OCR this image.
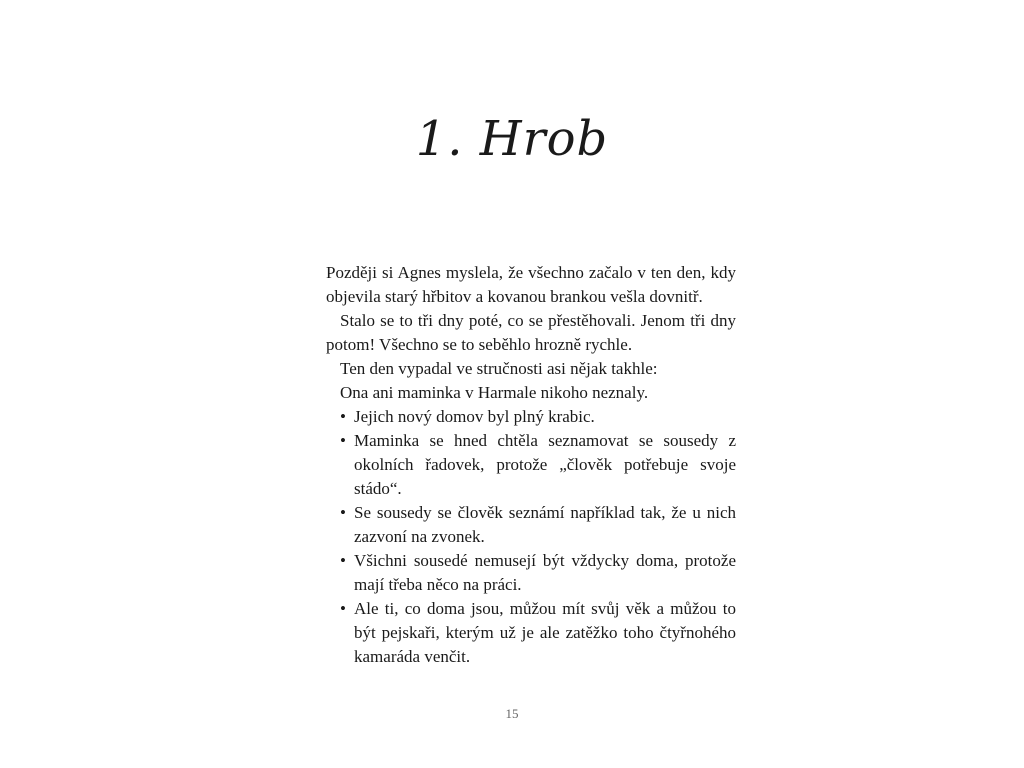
1. Hrob

Později si Agnes myslela, že všechno začalo v ten den, kdy objevila starý hřbitov a kovanou brankou vešla dovnitř.

Stalo se to tři dny poté, co se přestěhovali. Jenom tři dny potom! Všechno se to seběhlo hrozně rychle.

Ten den vypadal ve stručnosti asi nějak takhle:

Ona ani maminka v Harmale nikoho neznaly.

• Jejich nový domov byl plný krabic.
• Maminka se hned chtěla seznamovat se sousedy z okolních řadovek, protože „člověk potřebuje svoje stádo“.
• Se sousedy se člověk seznámí například tak, že u nich zazvoní na zvonek.
• Všichni sousedé nemusejí být vždycky doma, protože mají třeba něco na práci.
• Ale ti, co doma jsou, můžou mít svůj věk a můžou to být pejskaři, kterým už je ale zatěžko toho čtyřnohého kamaráda venčit.
15
